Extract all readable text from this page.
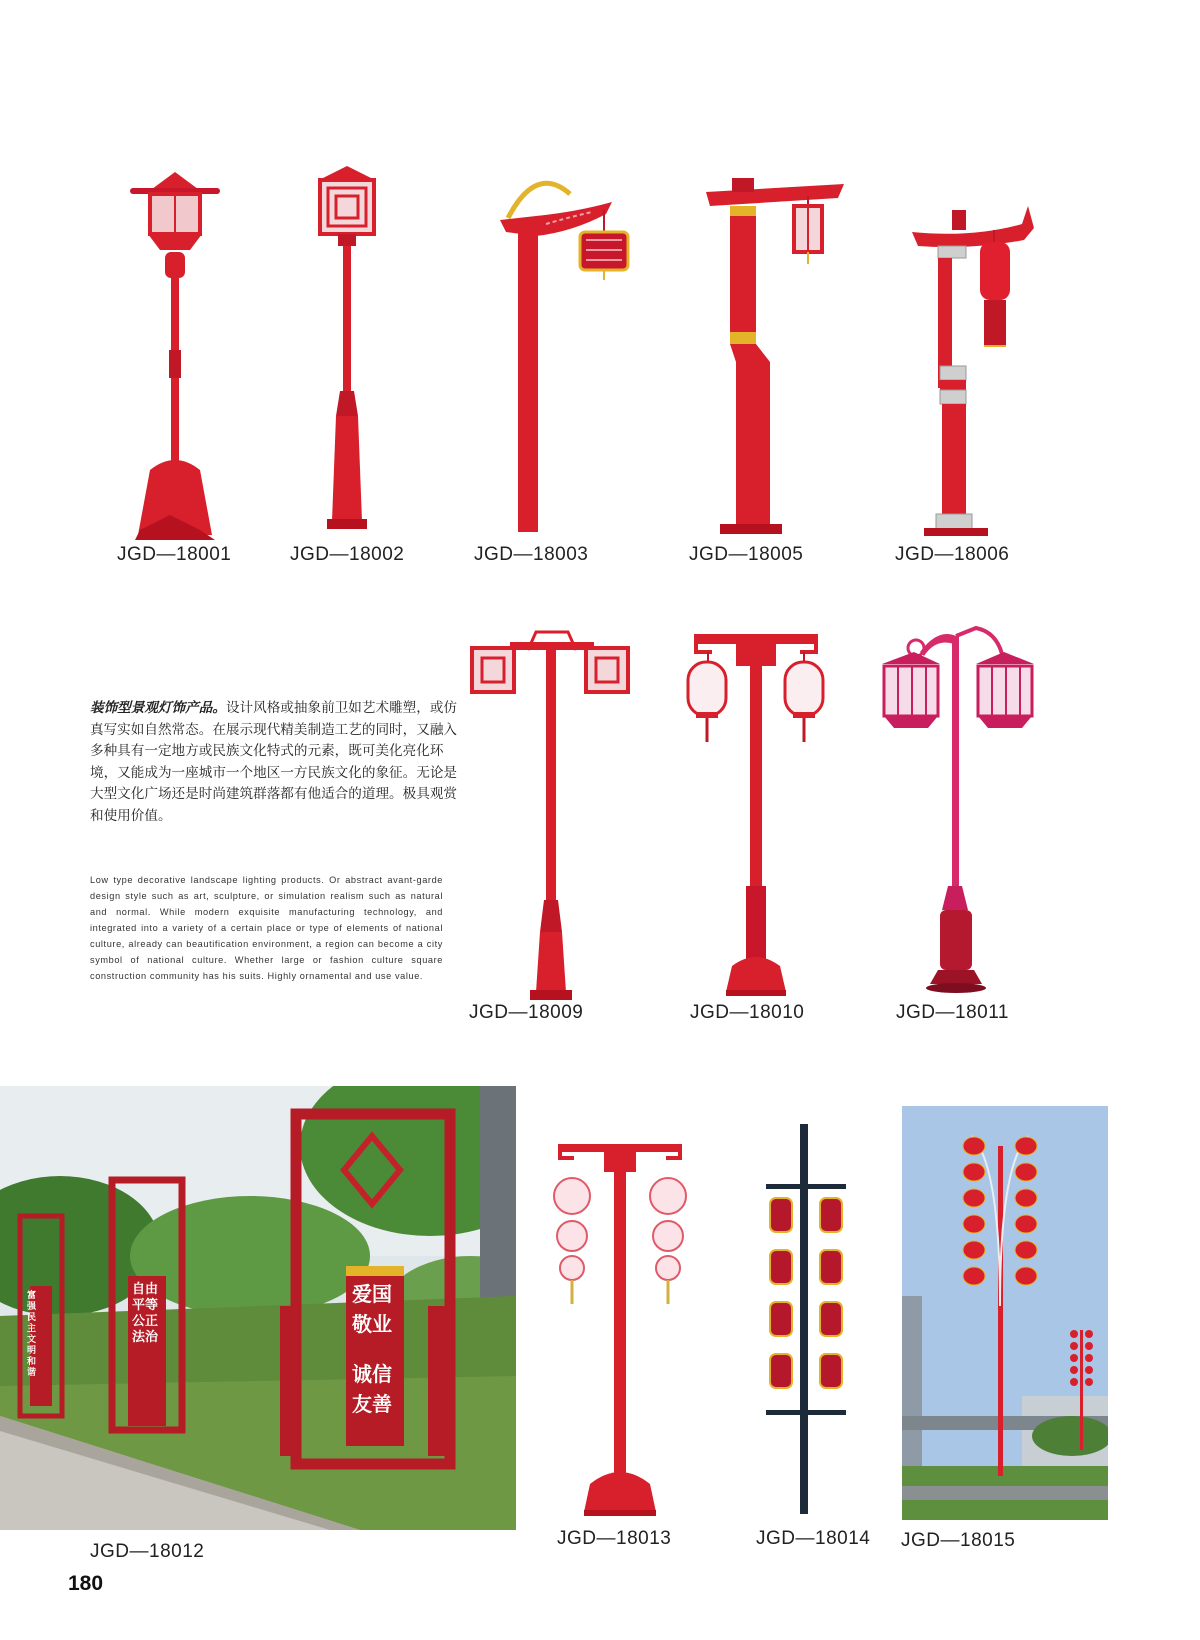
JGD—18001	JGD—18002	JGD—18003	JGD—18005	JGD—18006

装饰型景观灯饰产品。设计风格或抽象前卫如艺术雕塑，或仿真写实如自然常态。在展示现代精美制造工艺的同时，又融入多种具有一定地方或民族文化特式的元素，既可美化亮化环境，又能成为一座城市一个地区一方民族文化的象征。无论是大型文化广场还是时尚建筑群落都有他适合的道理。极具观赏和使用价值。

Low type decorative landscape lighting products. Or abstract avant-garde design style such as art, sculpture, or simulation realism such as natural and normal. While modern exquisite manufacturing technology, and integrated into a variety of a certain place or type of elements of national culture, already can beautification environment, a region can become a city symbol of national culture. Whether large or fashion culture square construction community has his suits. Highly ornamental and use value.
JGD—18009	JGD—18010	JGD—18011
富强 民主 文明 和谐
自由 平等 公正 法治
爱国
敬业
诚信
友善
JGD—18012
JGD—18013	JGD—18014 JGD—18015
180
